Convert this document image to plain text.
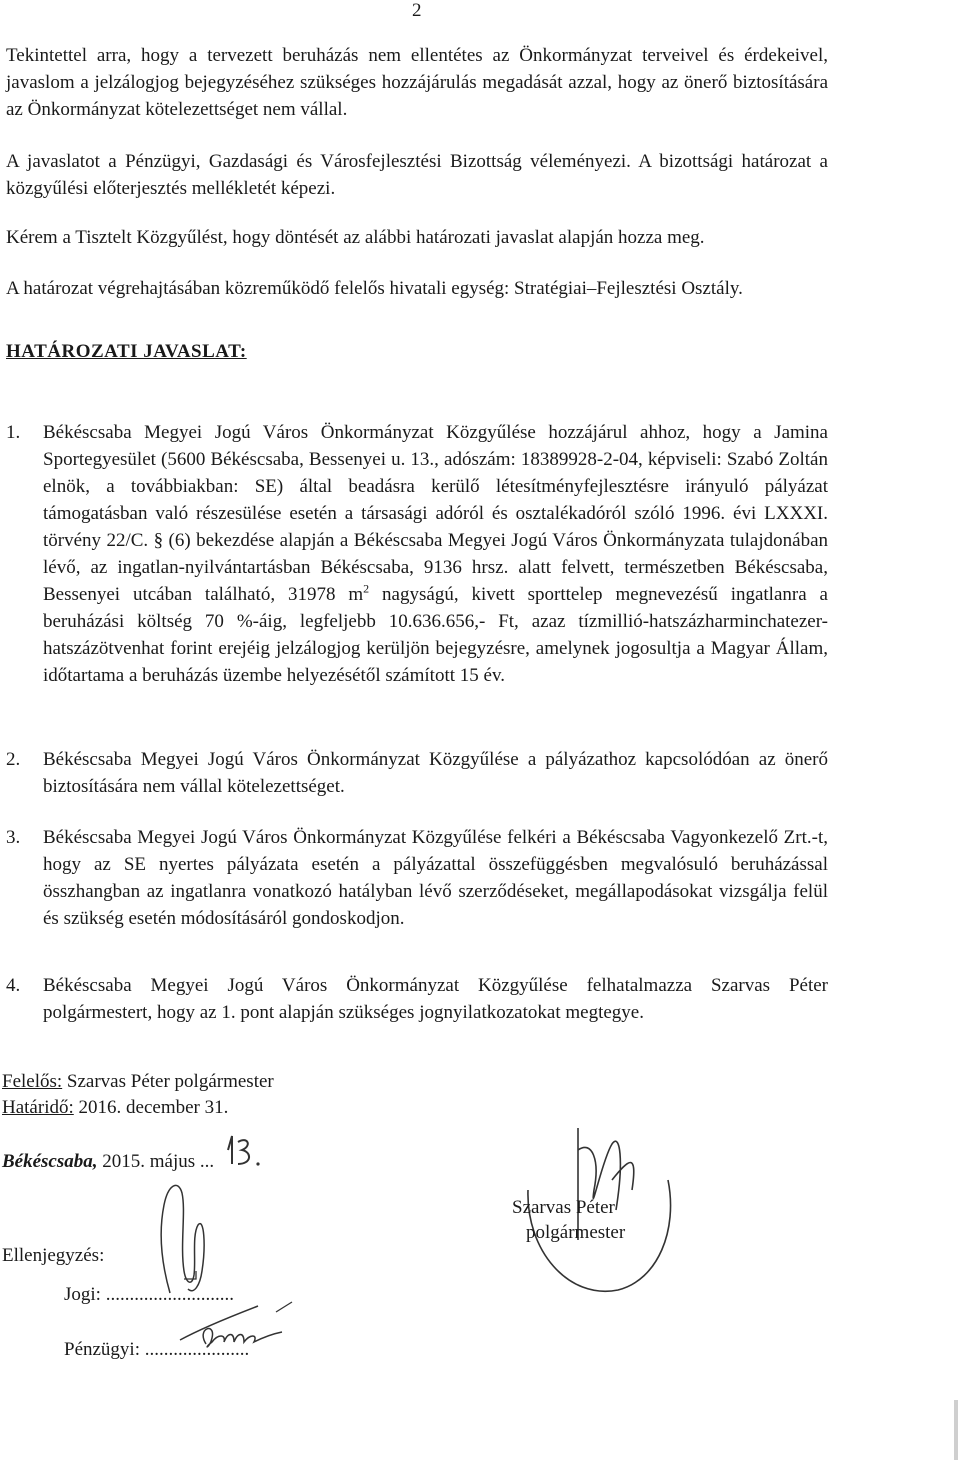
2

Tekintettel arra, hogy a tervezett beruházás nem ellentétes az Önkormányzat terveivel és érdekeivel, javaslom a jelzálogjog bejegyzéséhez szükséges hozzájárulás megadását azzal, hogy az önerő biztosítására az Önkormányzat kötelezettséget nem vállal.

A javaslatot a Pénzügyi, Gazdasági és Városfejlesztési Bizottság véleményezi. A bizottsági határozat a közgyűlési előterjesztés mellékletét képezi.

Kérem a Tisztelt Közgyűlést, hogy döntését az alábbi határozati javaslat alapján hozza meg.

A határozat végrehajtásában közreműködő felelős hivatali egység: Stratégiai–Fejlesztési Osztály.

HATÁROZATI JAVASLAT:
1.	Békéscsaba Megyei Jogú Város Önkormányzat Közgyűlése hozzájárul ahhoz, hogy a Jamina Sportegyesület (5600 Békéscsaba, Bessenyei u. 13., adószám: 18389928-2-04, képviseli: Szabó Zoltán elnök, a továbbiakban: SE) által beadásra kerülő létesítményfejlesztésre irányuló pályázat támogatásban való részesülése esetén a társasági adóról és osztalékadóról szóló 1996. évi LXXXI. törvény 22/C. § (6) bekezdése alapján a Békéscsaba Megyei Jogú Város Önkormányzata tulajdonában lévő, az ingatlan-nyilvántartásban Békéscsaba, 9136 hrsz. alatt felvett, természetben Békéscsaba, Bessenyei utcában található, 31978 $m^2$ nagyságú, kivett sporttelep megnevezésű ingatlanra a beruházási költség 70 %-áig, legfeljebb 10.636.656,- Ft, azaz tízmillió-hatszázharminchatezer-hatszázötvenhat forint erejéig jelzálogjog kerüljön bejegyzésre, amelynek jogosultja a Magyar Állam, időtartama a beruházás üzembe helyezésétől számított 15 év.
2.	Békéscsaba Megyei Jogú Város Önkormányzat Közgyűlése a pályázathoz kapcsolódóan az önerő biztosítására nem vállal kötelezettséget.
3.	Békéscsaba Megyei Jogú Város Önkormányzat Közgyűlése felkéri a Békéscsaba Vagyonkezelő Zrt.-t, hogy az SE nyertes pályázata esetén a pályázattal összefüggésben megvalósuló beruházással összhangban az ingatlanra vonatkozó hatályban lévő szerződéseket, megállapodásokat vizsgálja felül és szükség esetén módosításáról gondoskodjon.
4.	Békéscsaba Megyei Jogú Város Önkormányzat Közgyűlése felhatalmazza Szarvas Péter polgármestert, hogy az 1. pont alapján szükséges jognyilatkozatokat megtegye.

Felelős: Szarvas Péter polgármester

Határidő: 2016. december 31.

Békéscsaba, 2015. május ...

Ellenjegyzés:

Jogi: ...........................

Pénzügyi: ......................

Szarvas Péter

polgármester
